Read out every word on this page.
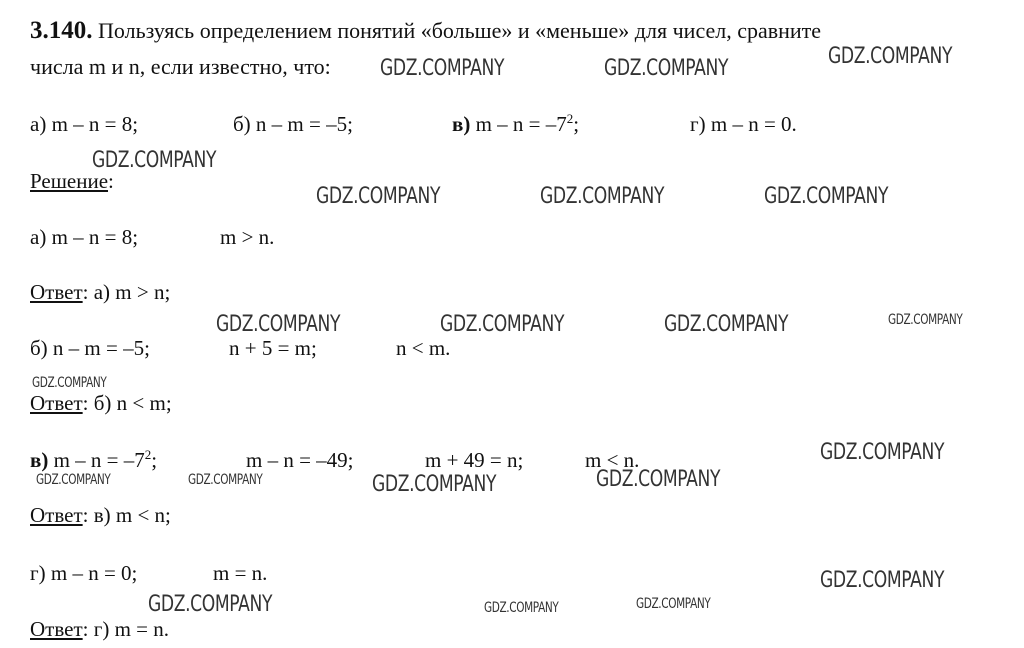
3.140. Пользуясь определением понятий «больше» и «меньше» для чисел, сравните
числа m и n, если известно, что:
а) m – n = 8;	б) n – m = –5;	в) $m - n = -7^2$;	г) m – n = 0.
Решение:
а) m – n = 8;	m > n.
Ответ: а) m > n;
б) n – m = –5;	n + 5 = m;	n < m.
Ответ: б) n < m;
в) $m - n = -7^2$;	m – n = –49;	m + 49 = n;	m < n.
Ответ: в) m < n;
г) m – n = 0;	m = n.
Ответ: г) m = n.
GDZ.COMPANY	GDZ.COMPANY	GDZ.COMPANY
GDZ.COMPANY
GDZ.COMPANY	GDZ.COMPANY	GDZ.COMPANY
GDZ.COMPANY	GDZ.COMPANY	GDZ.COMPANY	GDZ.COMPANY
GDZ.COMPANY
GDZ.COMPANY
GDZ.COMPANY	GDZ.COMPANY	GDZ.COMPANY	GDZ.COMPANY
GDZ.COMPANY
GDZ.COMPANY	GDZ.COMPANY	GDZ.COMPANY
